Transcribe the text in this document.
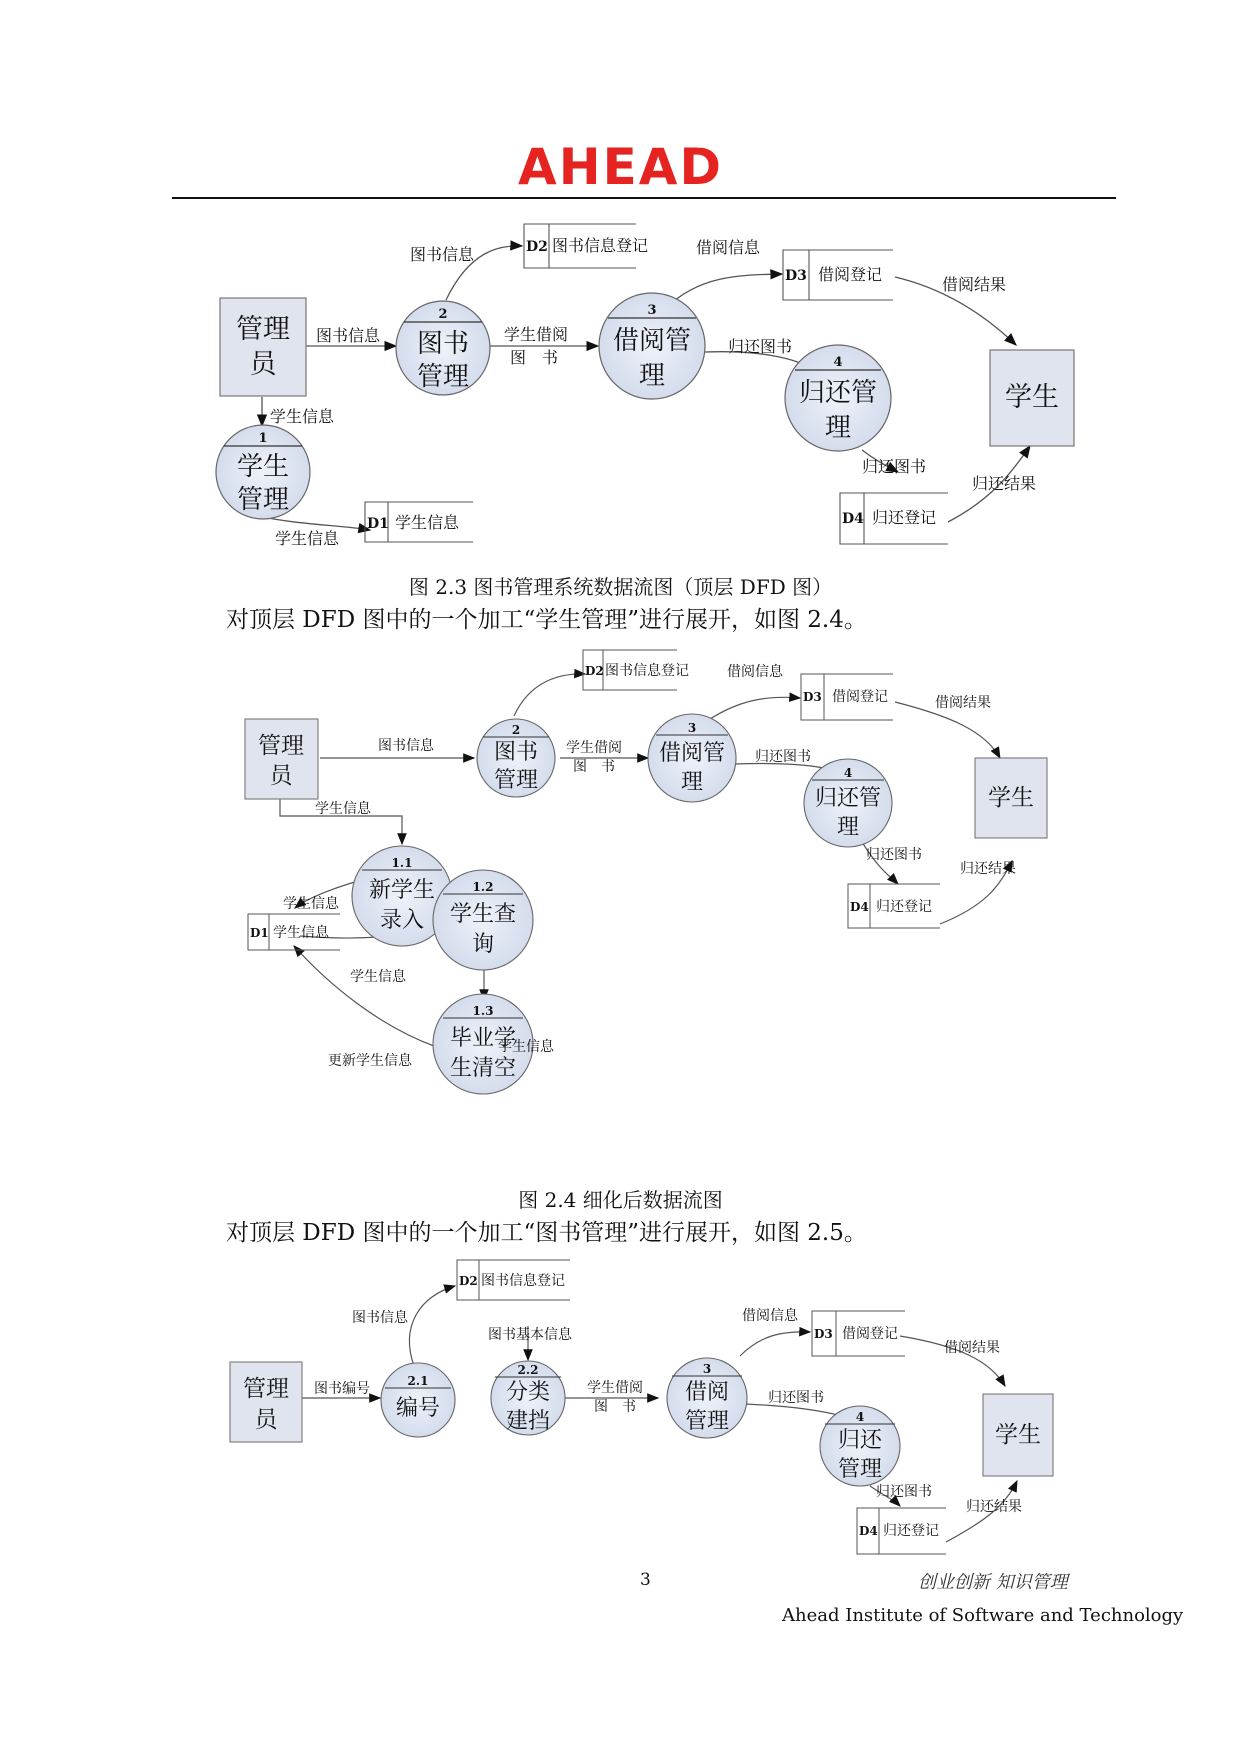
AHEAD
管理
员
学生
1
学生
管理
2
图书
管理
3
借阅管
理	4
归还管
理
D1 学生信息
D2 图书信息登记
D3 借阅登记
D4 归还登记
图书信息
图书信息	学生借阅
图　书
借阅信息
借阅结果
归还图书
归还图书
归还结果
学生信息
学生信息
图 2.3 图书管理系统数据流图（顶层 DFD 图）
对顶层 DFD 图中的一个加工“学生管理”进行展开，如图 2.4。
管理
员
学生
2
图书
管理
3
借阅管
理	4
归还管
理
1.1
新学生
录入
1.2
学生查
询
1.3
毕业学
生清空
D1 学生信息
D2 图书信息登记
D3 借阅登记
D4 归还登记
图书信息	学生借阅
图　书
借阅信息
借阅结果
归还图书
归还图书
归还结果
学生信息
学生信息
学生信息
学生信息
更新学生信息
图 2.4 细化后数据流图
对顶层 DFD 图中的一个加工“图书管理”进行展开，如图 2.5。
管理
员
学生
2.1
编号
2.2
分类
建挡
3
借阅
管理	4
归还
管理
D2 图书信息登记
D3 借阅登记
D4 归还登记
图书编号
图书信息
图书基本信息
学生借阅
图　书
借阅信息
借阅结果
归还图书
归还图书
归还结果
3	创业创新 知识管理
Ahead Institute of Software and Technology
